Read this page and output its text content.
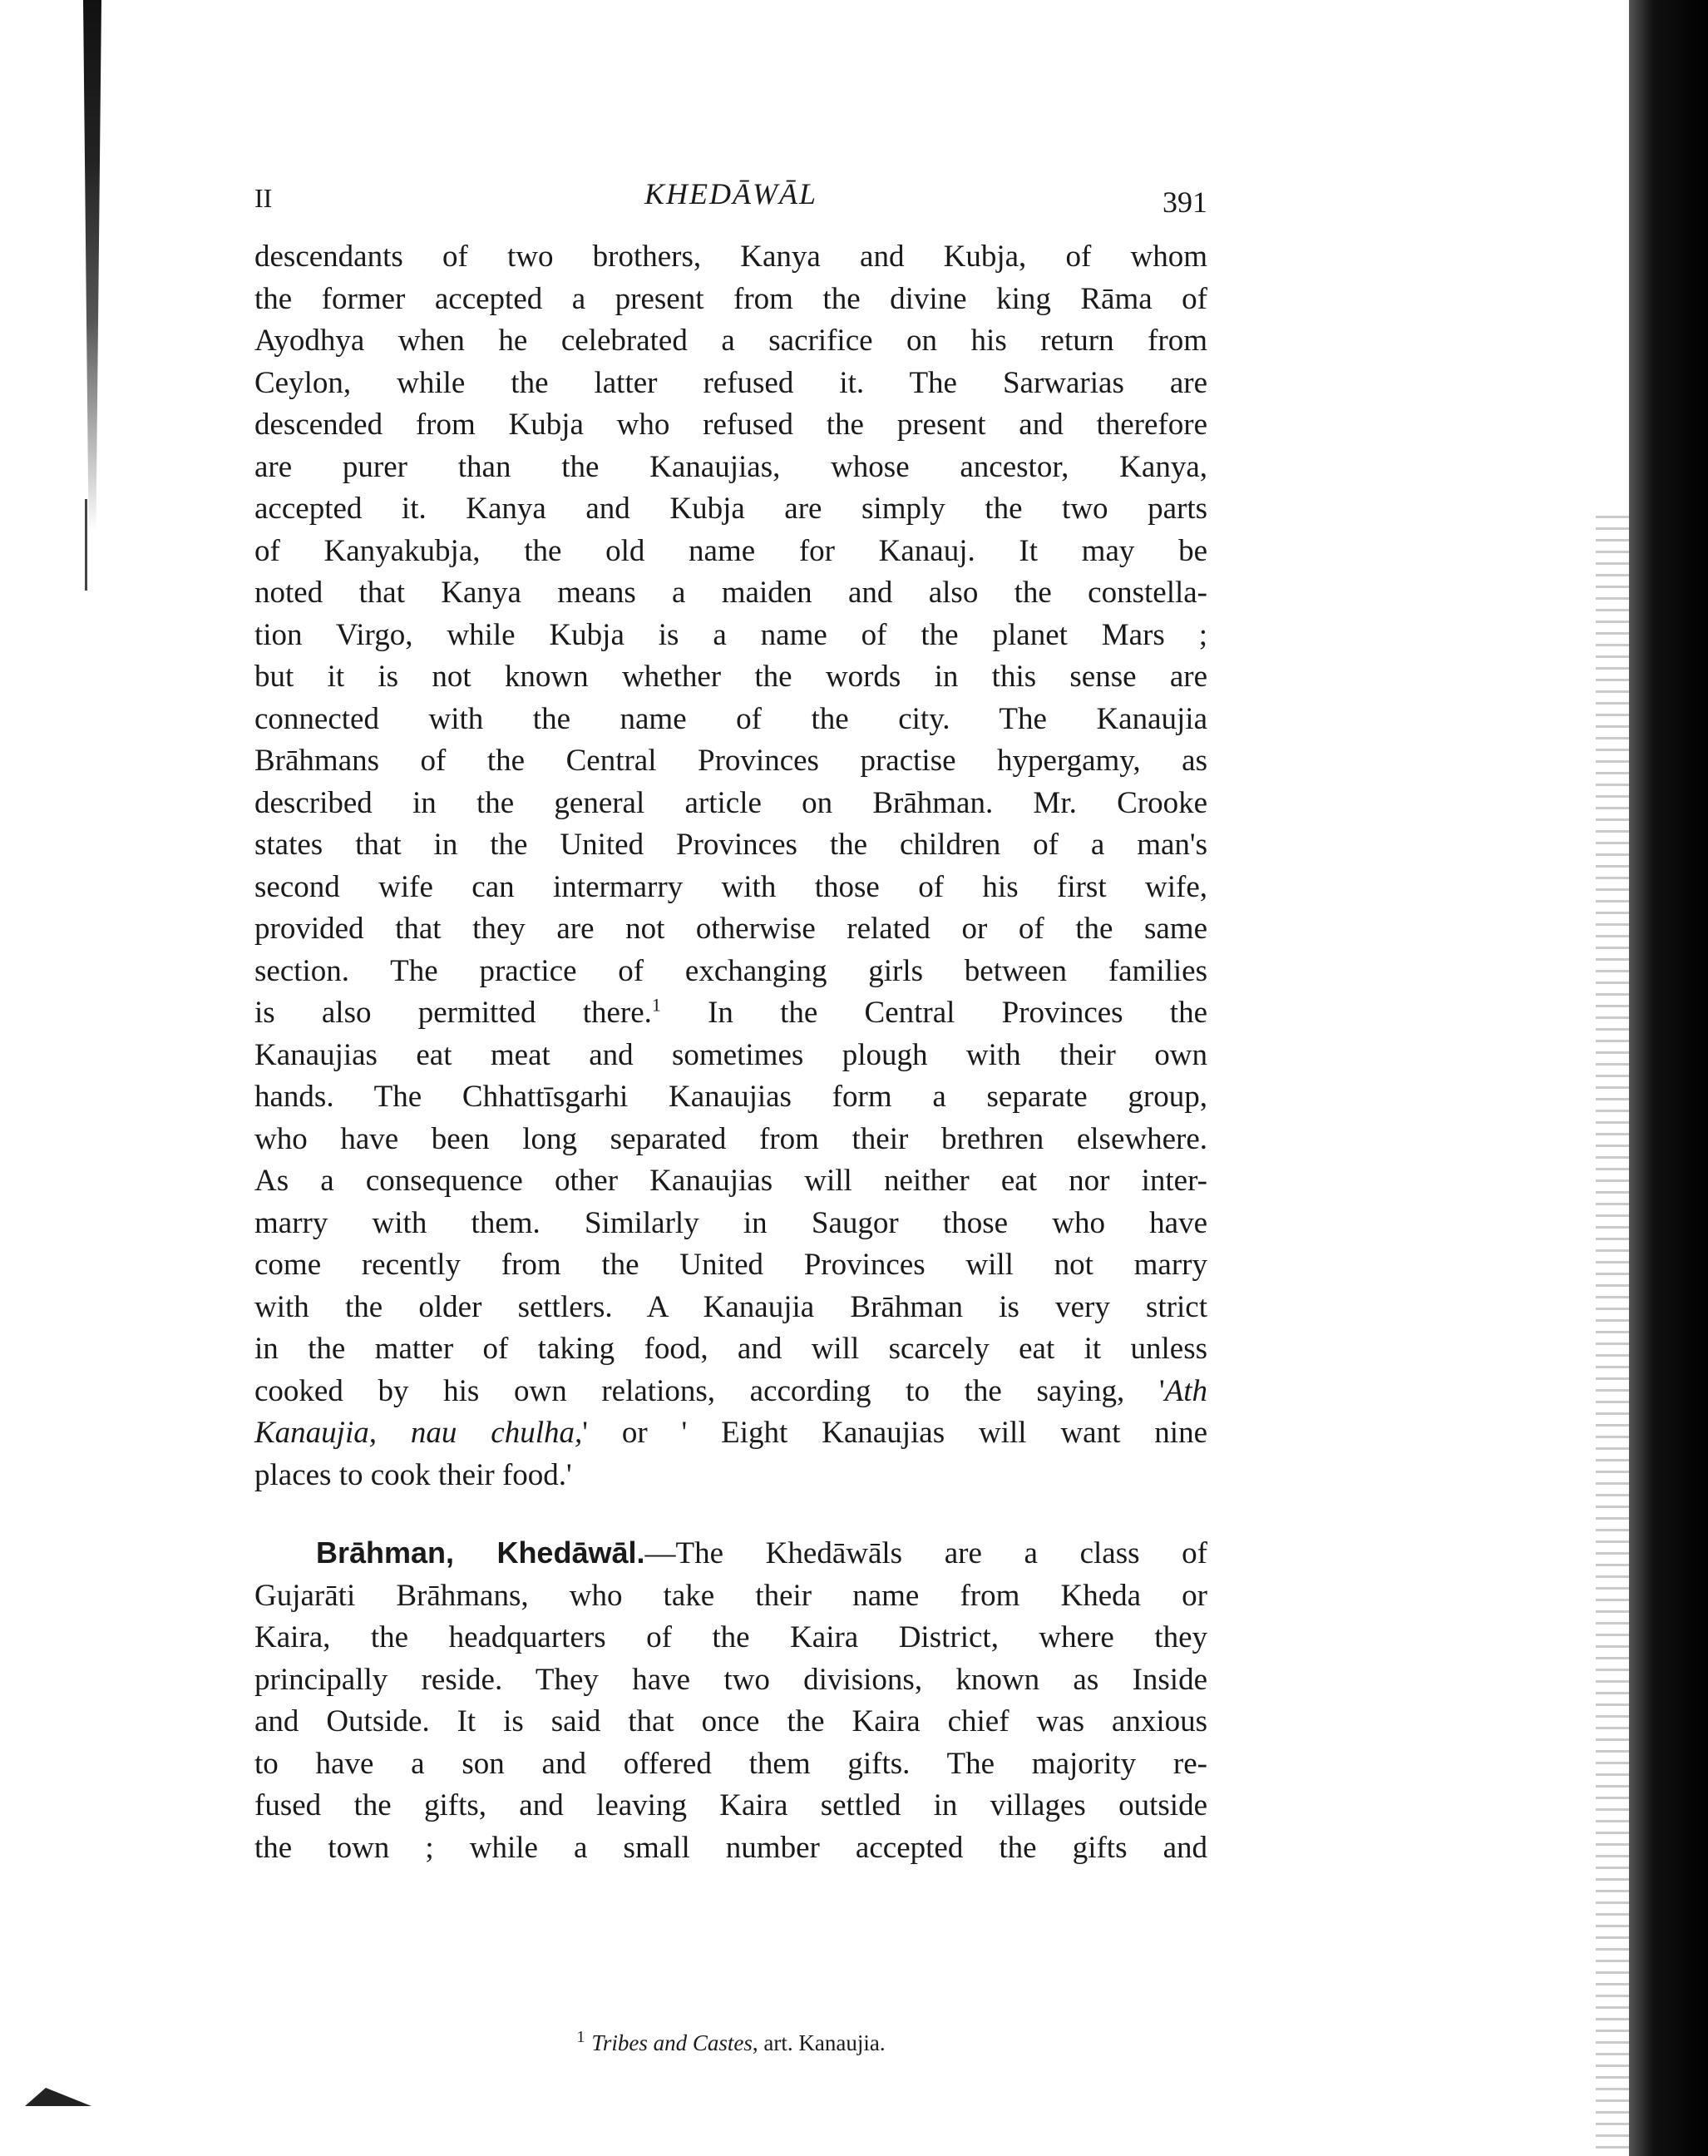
II	KHEDĀWĀL	391
descendants of two brothers, Kanya and Kubja, of whom
the former accepted a present from the divine king Rāma of
Ayodhya when he celebrated a sacrifice on his return from
Ceylon, while the latter refused it. The Sarwarias are
descended from Kubja who refused the present and therefore
are purer than the Kanaujias, whose ancestor, Kanya,
accepted it. Kanya and Kubja are simply the two parts
of Kanyakubja, the old name for Kanauj. It may be
noted that Kanya means a maiden and also the constella-
tion Virgo, while Kubja is a name of the planet Mars ;
but it is not known whether the words in this sense are
connected with the name of the city. The Kanaujia
Brāhmans of the Central Provinces practise hypergamy, as
described in the general article on Brāhman. Mr. Crooke
states that in the United Provinces the children of a man's
second wife can intermarry with those of his first wife,
provided that they are not otherwise related or of the same
section. The practice of exchanging girls between families
is also permitted there.$^1$ In the Central Provinces the
Kanaujias eat meat and sometimes plough with their own
hands. The Chhattīsgarhi Kanaujias form a separate group,
who have been long separated from their brethren elsewhere.
As a consequence other Kanaujias will neither eat nor inter-
marry with them. Similarly in Saugor those who have
come recently from the United Provinces will not marry
with the older settlers. A Kanaujia Brāhman is very strict
in the matter of taking food, and will scarcely eat it unless
cooked by his own relations, according to the saying, 'Ath
Kanaujia, nau chulha,' or ' Eight Kanaujias will want nine
places to cook their food.'
Brāhman, Khedāwāl.—The Khedāwāls are a class of
Gujarāti Brāhmans, who take their name from Kheda or
Kaira, the headquarters of the Kaira District, where they
principally reside. They have two divisions, known as Inside
and Outside. It is said that once the Kaira chief was anxious
to have a son and offered them gifts. The majority re-
fused the gifts, and leaving Kaira settled in villages outside
the town ; while a small number accepted the gifts and
$^1$ Tribes and Castes, art. Kanaujia.
